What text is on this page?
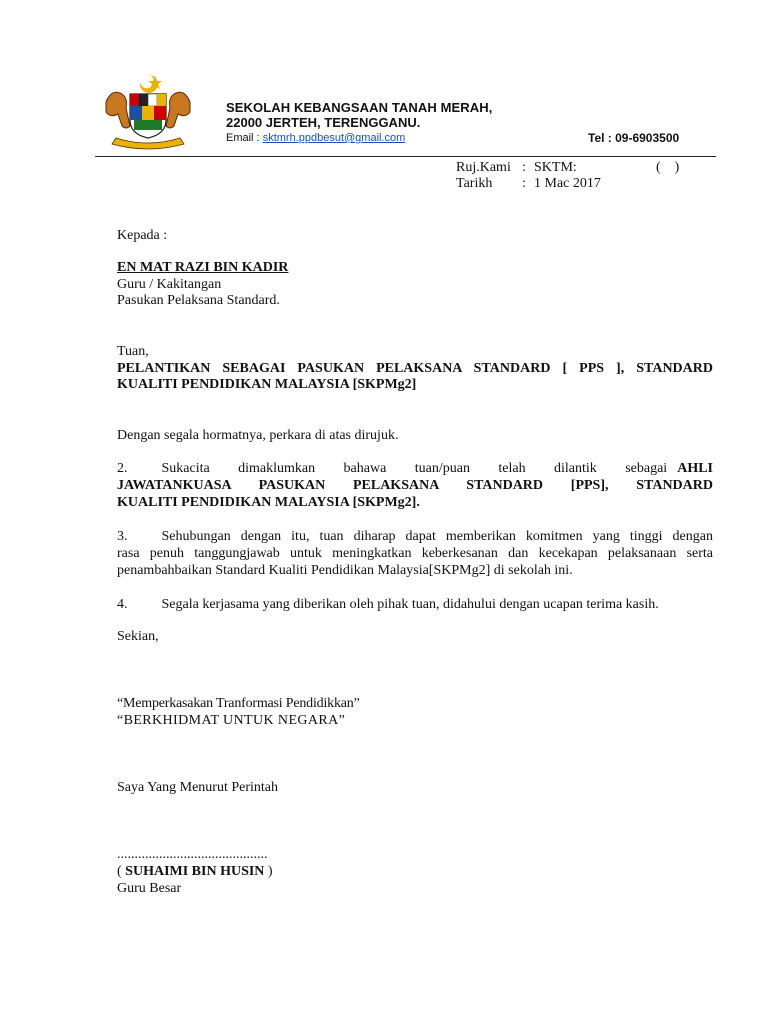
SEKOLAH KEBANGSAAN TANAH MERAH,
22000 JERTEH, TERENGGANU.
Email : sktmrh.ppdbesut@gmail.com	Tel : 09-6903500
Ruj.Kami : SKTM:	(    )
Tarikh : 1 Mac 2017
Kepada :
EN MAT RAZI BIN KADIR
Guru / Kakitangan
Pasukan Pelaksana Standard.
Tuan,
PELANTIKAN SEBAGAI PASUKAN PELAKSANA STANDARD [ PPS ], STANDARD
KUALITI PENDIDIKAN MALAYSIA [SKPMg2]
Dengan segala hormatnya, perkara di atas dirujuk.
2. Sukacita dimaklumkan bahawa tuan/puan telah dilantik sebagai AHLI
JAWATANKUASA PASUKAN PELAKSANA STANDARD [PPS], STANDARD
KUALITI PENDIDIKAN MALAYSIA [SKPMg2].
3. Sehubungan dengan itu, tuan diharap dapat memberikan komitmen yang tinggi dengan
rasa penuh tanggungjawab untuk meningkatkan keberkesanan dan kecekapan pelaksanaan serta
penambahbaikan Standard Kualiti Pendidikan Malaysia[SKPMg2] di sekolah ini.
4. Segala kerjasama yang diberikan oleh pihak tuan, didahului dengan ucapan terima kasih.
Sekian,
“Memperkasakan Tranformasi Pendidikkan”
“BERKHIDMAT UNTUK NEGARA”
Saya Yang Menurut Perintah
...........................................
( SUHAIMI BIN HUSIN )
Guru Besar
